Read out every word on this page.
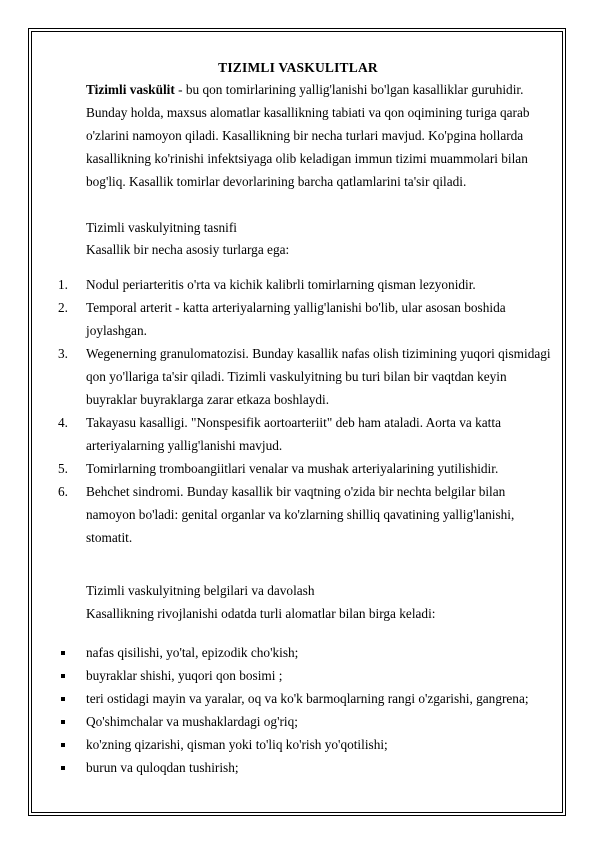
TIZIMLI VASKULITLAR
Tizimli vaskülit - bu qon tomirlarining yallig'lanishi bo'lgan kasalliklar guruhidir. Bunday holda, maxsus alomatlar kasallikning tabiati va qon oqimining turiga qarab o'zlarini namoyon qiladi. Kasallikning bir necha turlari mavjud. Ko'pgina hollarda kasallikning ko'rinishi infektsiyaga olib keladigan immun tizimi muammolari bilan bog'liq. Kasallik tomirlar devorlarining barcha qatlamlarini ta'sir qiladi.
Tizimli vaskulyitning tasnifi
Kasallik bir necha asosiy turlarga ega:
1. Nodul periarteritis o'rta va kichik kalibrli tomirlarning qisman lezyonidir.
2. Temporal arterit - katta arteriyalarning yallig'lanishi bo'lib, ular asosan boshida joylashgan.
3. Wegenerning granulomatozisi. Bunday kasallik nafas olish tizimining yuqori qismidagi qon yo'llariga ta'sir qiladi. Tizimli vaskulyitning bu turi bilan bir vaqtdan keyin buyraklar buyraklarga zarar etkaza boshlaydi.
4. Takayasu kasalligi. "Nonspesifik aortoarteriit" deb ham ataladi. Aorta va katta arteriyalarning yallig'lanishi mavjud.
5. Tomirlarning tromboangiitlari venalar va mushak arteriyalarining yutilishidir.
6. Behchet sindromi. Bunday kasallik bir vaqtning o'zida bir nechta belgilar bilan namoyon bo'ladi: genital organlar va ko'zlarning shilliq qavatining yallig'lanishi, stomatit.
Tizimli vaskulyitning belgilari va davolash
Kasallikning rivojlanishi odatda turli alomatlar bilan birga keladi:
nafas qisilishi, yo'tal, epizodik cho'kish;
buyraklar shishi, yuqori qon bosimi ;
teri ostidagi mayin va yaralar, oq va ko'k barmoqlarning rangi o'zgarishi, gangrena;
Qo'shimchalar va mushaklardagi og'riq;
ko'zning qizarishi, qisman yoki to'liq ko'rish yo'qotilishi;
burun va quloqdan tushirish;
